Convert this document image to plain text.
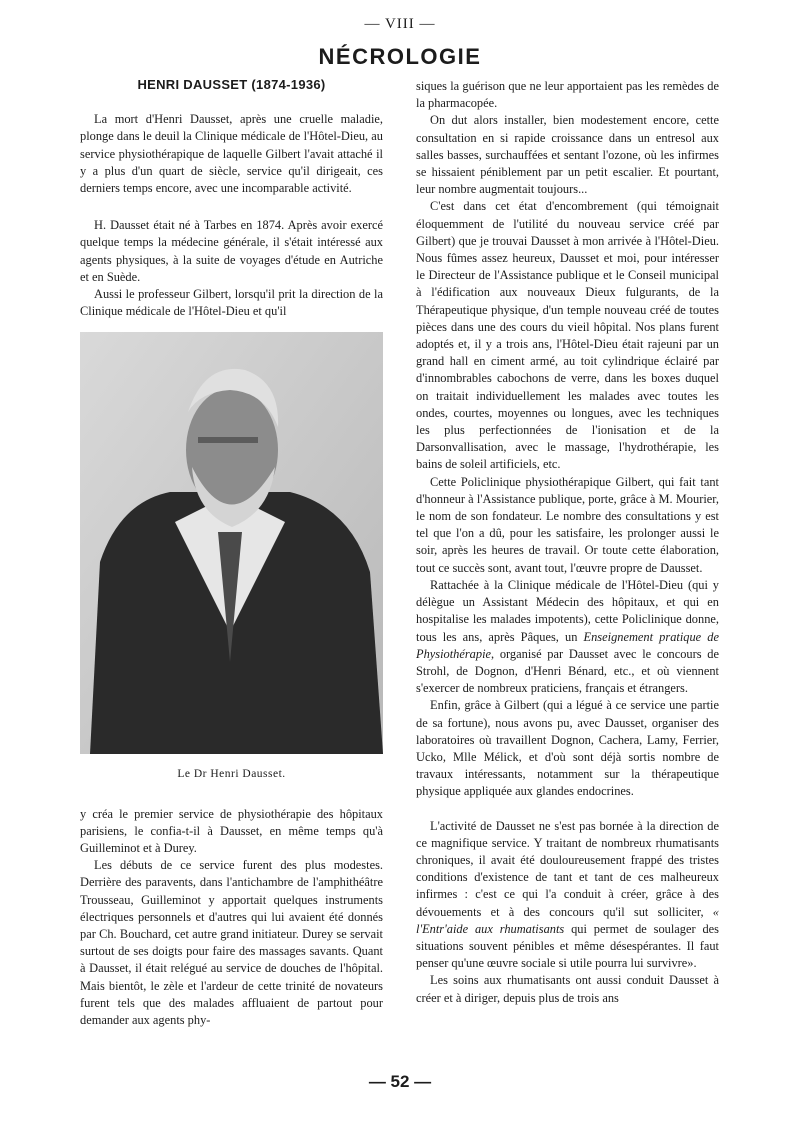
— VIII —
NÉCROLOGIE
HENRI DAUSSET (1874-1936)

La mort d'Henri Dausset, après une cruelle maladie, plonge dans le deuil la Clinique médicale de l'Hôtel-Dieu, au service physiothérapique de laquelle Gilbert l'avait attaché il y a plus d'un quart de siècle, service qu'il dirigeait, ces derniers temps encore, avec une incomparable activité.

H. Dausset était né à Tarbes en 1874. Après avoir exercé quelque temps la médecine générale, il s'était intéressé aux agents physiques, à la suite de voyages d'étude en Autriche et en Suède.

Aussi le professeur Gilbert, lorsqu'il prit la direction de la Clinique médicale de l'Hôtel-Dieu et qu'il

Le Dr Henri Dausset.

y créa le premier service de physiothérapie des hôpitaux parisiens, le confia-t-il à Dausset, en même temps qu'à Guilleminot et à Durey.

Les débuts de ce service furent des plus modestes. Derrière des paravents, dans l'antichambre de l'amphithéâtre Trousseau, Guilleminot y apportait quelques instruments électriques personnels et d'autres qui lui avaient été donnés par Ch. Bouchard, cet autre grand initiateur. Durey se servait surtout de ses doigts pour faire des massages savants. Quant à Dausset, il était relégué au service de douches de l'hôpital. Mais bientôt, le zèle et l'ardeur de cette trinité de novateurs furent tels que des malades affluaient de partout pour demander aux agents phy-

siques la guérison que ne leur apportaient pas les remèdes de la pharmacopée.

On dut alors installer, bien modestement encore, cette consultation en si rapide croissance dans un entresol aux salles basses, surchauffées et sentant l'ozone, où les infirmes se hissaient péniblement par un petit escalier. Et pourtant, leur nombre augmentait toujours...

C'est dans cet état d'encombrement (qui témoignait éloquemment de l'utilité du nouveau service créé par Gilbert) que je trouvai Dausset à mon arrivée à l'Hôtel-Dieu. Nous fûmes assez heureux, Dausset et moi, pour intéresser le Directeur de l'Assistance publique et le Conseil municipal à l'édification aux nouveaux Dieux fulgurants, de la Thérapeutique physique, d'un temple nouveau créé de toutes pièces dans une des cours du vieil hôpital. Nos plans furent adoptés et, il y a trois ans, l'Hôtel-Dieu était rajeuni par un grand hall en ciment armé, au toit cylindrique éclairé par d'innombrables cabochons de verre, dans les boxes duquel on traitait individuellement les malades avec toutes les ondes, courtes, moyennes ou longues, avec les techniques les plus perfectionnées de l'ionisation et de la Darsonvallisation, avec le massage, l'hydrothérapie, les bains de soleil artificiels, etc.

Cette Policlinique physiothérapique Gilbert, qui fait tant d'honneur à l'Assistance publique, porte, grâce à M. Mourier, le nom de son fondateur. Le nombre des consultations y est tel que l'on a dû, pour les satisfaire, les prolonger aussi le soir, après les heures de travail. Or toute cette élaboration, tout ce succès sont, avant tout, l'œuvre propre de Dausset.

Rattachée à la Clinique médicale de l'Hôtel-Dieu (qui y délègue un Assistant Médecin des hôpitaux, et qui en hospitalise les malades impotents), cette Policlinique donne, tous les ans, après Pâques, un Enseignement pratique de Physiothérapie, organisé par Dausset avec le concours de Strohl, de Dognon, d'Henri Bénard, etc., et où viennent s'exercer de nombreux praticiens, français et étrangers.

Enfin, grâce à Gilbert (qui a légué à ce service une partie de sa fortune), nous avons pu, avec Dausset, organiser des laboratoires où travaillent Dognon, Cachera, Lamy, Ferrier, Ucko, Mlle Mélick, et d'où sont déjà sortis nombre de travaux intéressants, notamment sur la thérapeutique physique appliquée aux glandes endocrines.

L'activité de Dausset ne s'est pas bornée à la direction de ce magnifique service. Y traitant de nombreux rhumatisants chroniques, il avait été douloureusement frappé des tristes conditions d'existence de tant et tant de ces malheureux infirmes : c'est ce qui l'a conduit à créer, grâce à des dévouements et à des concours qu'il sut solliciter, « l'Entr'aide aux rhumatisants qui permet de soulager des situations souvent pénibles et même désespérantes. Il faut penser qu'une œuvre sociale si utile pourra lui survivre».

Les soins aux rhumatisants ont aussi conduit Dausset à créer et à diriger, depuis plus de trois ans

— 52 —
